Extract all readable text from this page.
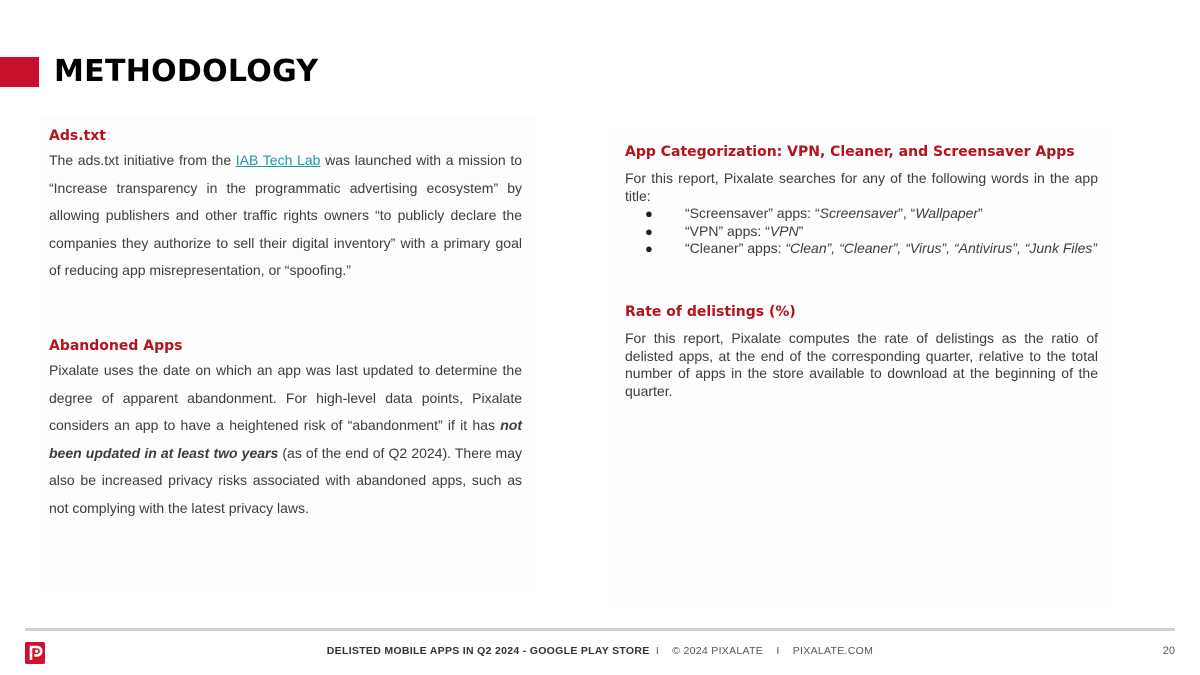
METHODOLOGY
Ads.txt

The ads.txt initiative from the IAB Tech Lab was launched with a mission to “Increase transparency in the programmatic advertising ecosystem” by allowing publishers and other traffic rights owners “to publicly declare the companies they authorize to sell their digital inventory” with a primary goal of reducing app misrepresentation, or “spoofing.”

Abandoned Apps

Pixalate uses the date on which an app was last updated to determine the degree of apparent abandonment. For high-level data points, Pixalate considers an app to have a heightened risk of “abandonment” if it has not been updated in at least two years (as of the end of Q2 2024). There may also be increased privacy risks associated with abandoned apps, such as not complying with the latest privacy laws.

App Categorization: VPN, Cleaner, and Screensaver Apps

For this report, Pixalate searches for any of the following words in the app title:

● “Screensaver” apps: “Screensaver”, “Wallpaper”
● “VPN” apps: “VPN”
● “Cleaner” apps: “Clean”, “Cleaner”, “Virus”, “Antivirus”, “Junk Files”
Rate of delistings (%)

For this report, Pixalate computes the rate of delistings as the ratio of delisted apps, at the end of the corresponding quarter, relative to the total number of apps in the store available to download at the beginning of the quarter.

DELISTED MOBILE APPS IN Q2 2024 - GOOGLE PLAY STORE I © 2024 PIXALATE I PIXALATE.COM	20
